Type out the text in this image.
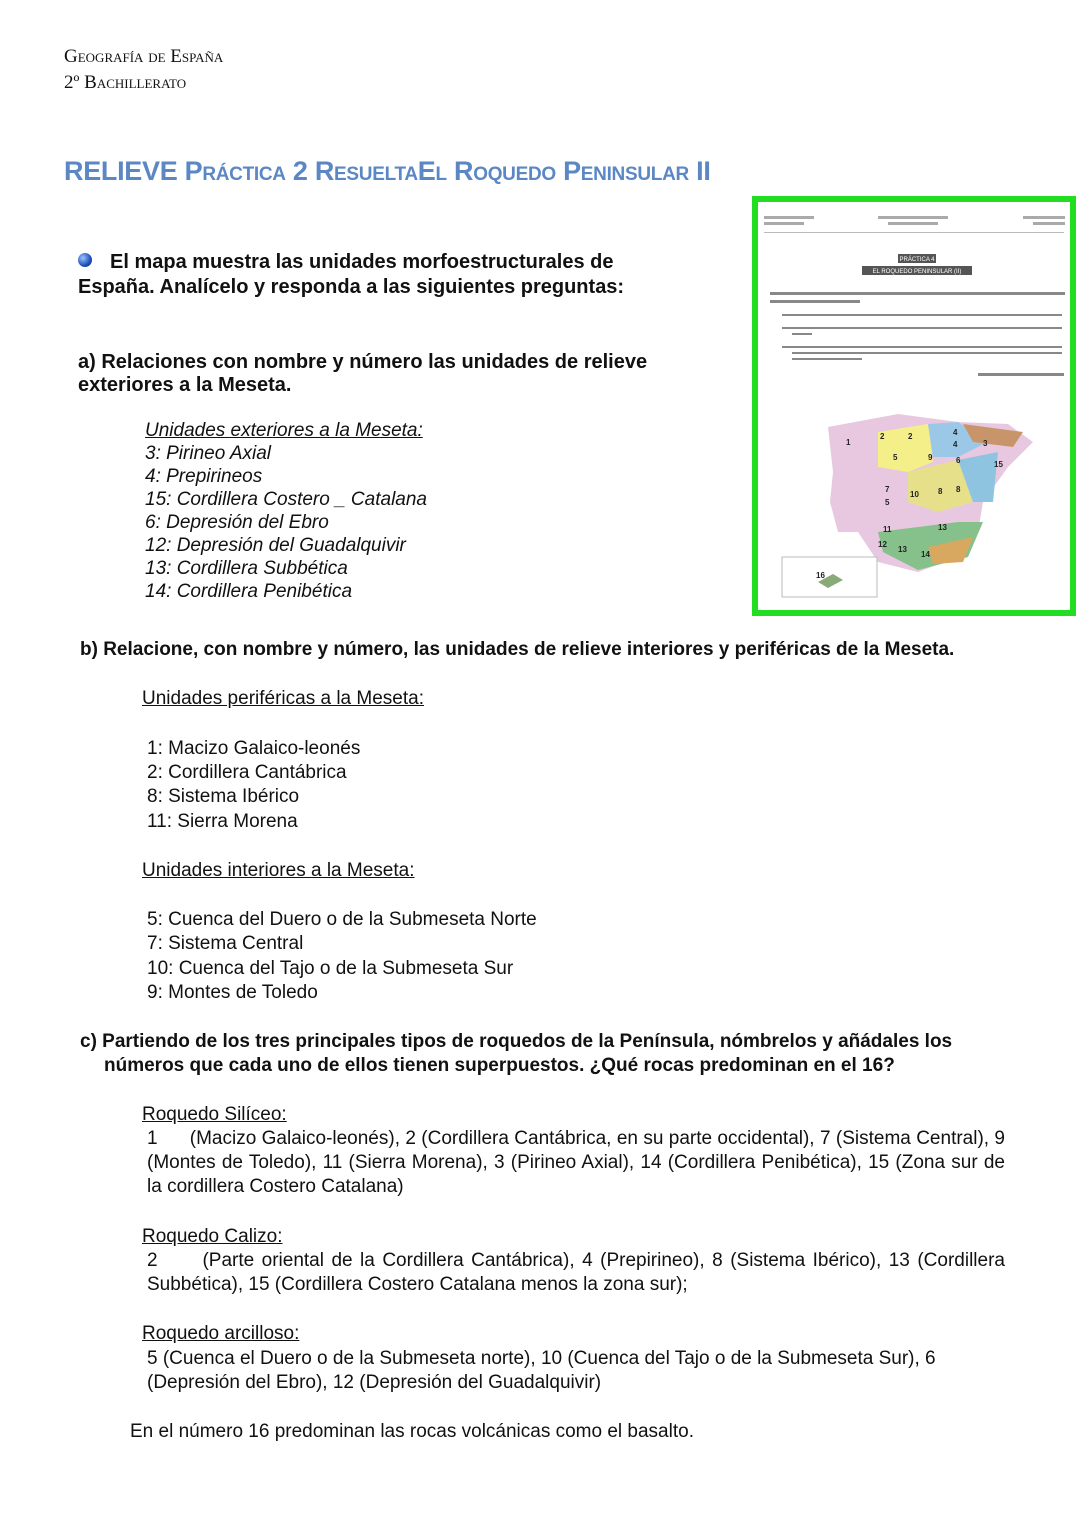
Geografía de España
2º Bachillerato
RELIEVE Práctica 2 ResueltaEl Roquedo Peninsular II
El mapa muestra las unidades morfoestructurales de
España. Analícelo y responda a las siguientes preguntas:
PRÁCTICA 4
EL ROQUEDO PENINSULAR (II)
1
2	2	4
4	3
5	9	6	15
7
10 8 8
5
11	13
12
13
14
16
a) Relaciones con nombre y número las unidades de relieve
exteriores a la Meseta.
Unidades exteriores a la Meseta:
3: Pirineo Axial
4: Prepirineos
15: Cordillera Costero _ Catalana
6: Depresión del Ebro
12: Depresión del Guadalquivir
13: Cordillera Subbética
14: Cordillera Penibética
b) Relacione, con nombre y número, las unidades de relieve interiores y periféricas de la Meseta.
Unidades periféricas a la Meseta:
1: Macizo Galaico-leonés
2: Cordillera Cantábrica
8: Sistema Ibérico
11: Sierra Morena
Unidades interiores a la Meseta:
5: Cuenca del Duero o de la Submeseta Norte
7: Sistema Central
10: Cuenca del Tajo o de la Submeseta Sur
9: Montes de Toledo
c) Partiendo de los tres principales tipos de roquedos de la Península, nómbrelos y añádales los
números que cada uno de ellos tienen superpuestos. ¿Qué rocas predominan en el 16?
Roquedo Silíceo:
1      (Macizo Galaico-leonés), 2 (Cordillera Cantábrica, en su parte occidental), 7 (Sistema Central), 9 (Montes de Toledo), 11 (Sierra Morena), 3 (Pirineo Axial), 14 (Cordillera Penibética), 15 (Zona sur de la cordillera Costero Catalana)
Roquedo Calizo:
2      (Parte oriental de la Cordillera Cantábrica), 4 (Prepirineo), 8 (Sistema Ibérico), 13 (Cordillera Subbética), 15 (Cordillera Costero Catalana menos la zona sur);
Roquedo arcilloso:
5 (Cuenca el Duero o de la Submeseta norte), 10 (Cuenca del Tajo o de la Submeseta Sur), 6 (Depresión del Ebro), 12 (Depresión del Guadalquivir)
En el número 16 predominan las rocas volcánicas como el basalto.
